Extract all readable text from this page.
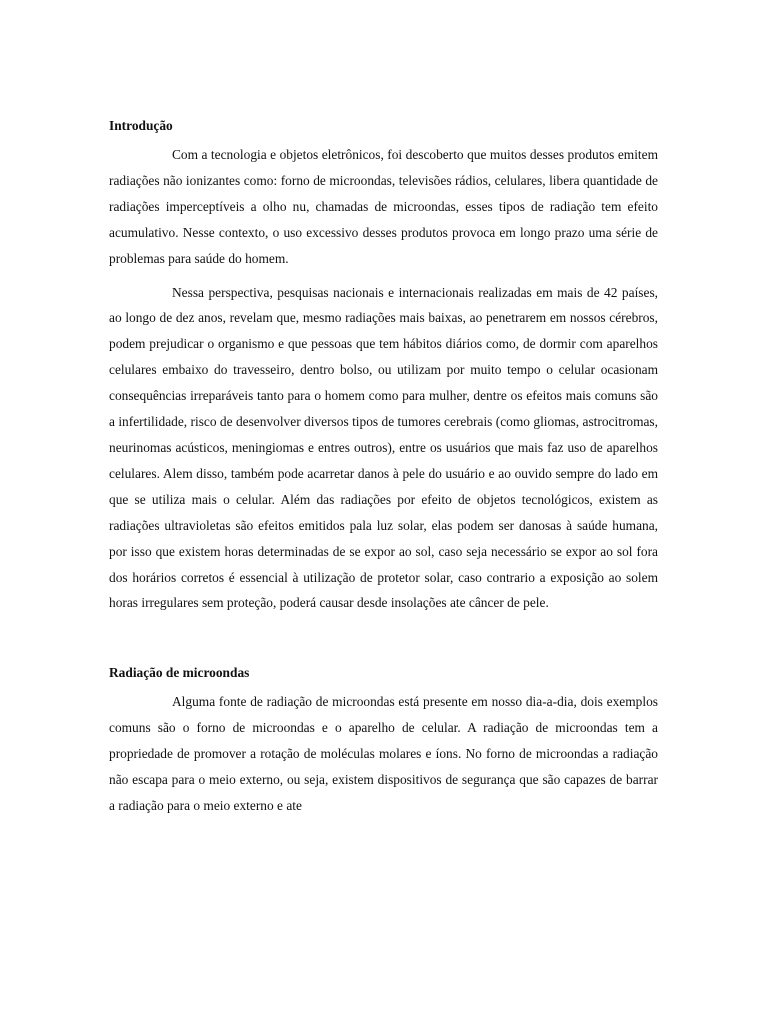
Introdução

Com a tecnologia e objetos eletrônicos, foi descoberto que muitos desses produtos emitem radiações não ionizantes como: forno de microondas, televisões rádios, celulares, libera quantidade de radiações imperceptíveis a olho nu, chamadas de microondas, esses tipos de radiação tem efeito acumulativo. Nesse contexto, o uso excessivo desses produtos provoca em longo prazo uma série de problemas para saúde do homem.

Nessa perspectiva, pesquisas nacionais e internacionais realizadas em mais de 42 países, ao longo de dez anos, revelam que, mesmo radiações mais baixas, ao penetrarem em nossos cérebros, podem prejudicar o organismo e que pessoas que tem hábitos diários como, de dormir com aparelhos celulares embaixo do travesseiro, dentro bolso, ou utilizam por muito tempo o celular ocasionam consequências irreparáveis tanto para o homem como para mulher, dentre os efeitos mais comuns são a infertilidade, risco de desenvolver diversos tipos de tumores cerebrais (como gliomas, astrocitromas, neurinomas acústicos, meningiomas e entres outros), entre os usuários que mais faz uso de aparelhos celulares. Alem disso, também pode acarretar danos à pele do usuário e ao ouvido sempre do lado em que se utiliza mais o celular. Além das radiações por efeito de objetos tecnológicos, existem as radiações ultravioletas são efeitos emitidos pala luz solar, elas podem ser danosas à saúde humana, por isso que existem horas determinadas de se expor ao sol, caso seja necessário se expor ao sol fora dos horários corretos é essencial à utilização de protetor solar, caso contrario a exposição ao solem horas irregulares sem proteção, poderá causar desde insolações ate câncer de pele.

Radiação de microondas

Alguma fonte de radiação de microondas está presente em nosso dia-a-dia, dois exemplos comuns são o forno de microondas e o aparelho de celular. A radiação de microondas tem a propriedade de promover a rotação de moléculas molares e íons. No forno de microondas a radiação não escapa para o meio externo, ou seja, existem dispositivos de segurança que são capazes de barrar a radiação para o meio externo e ate
